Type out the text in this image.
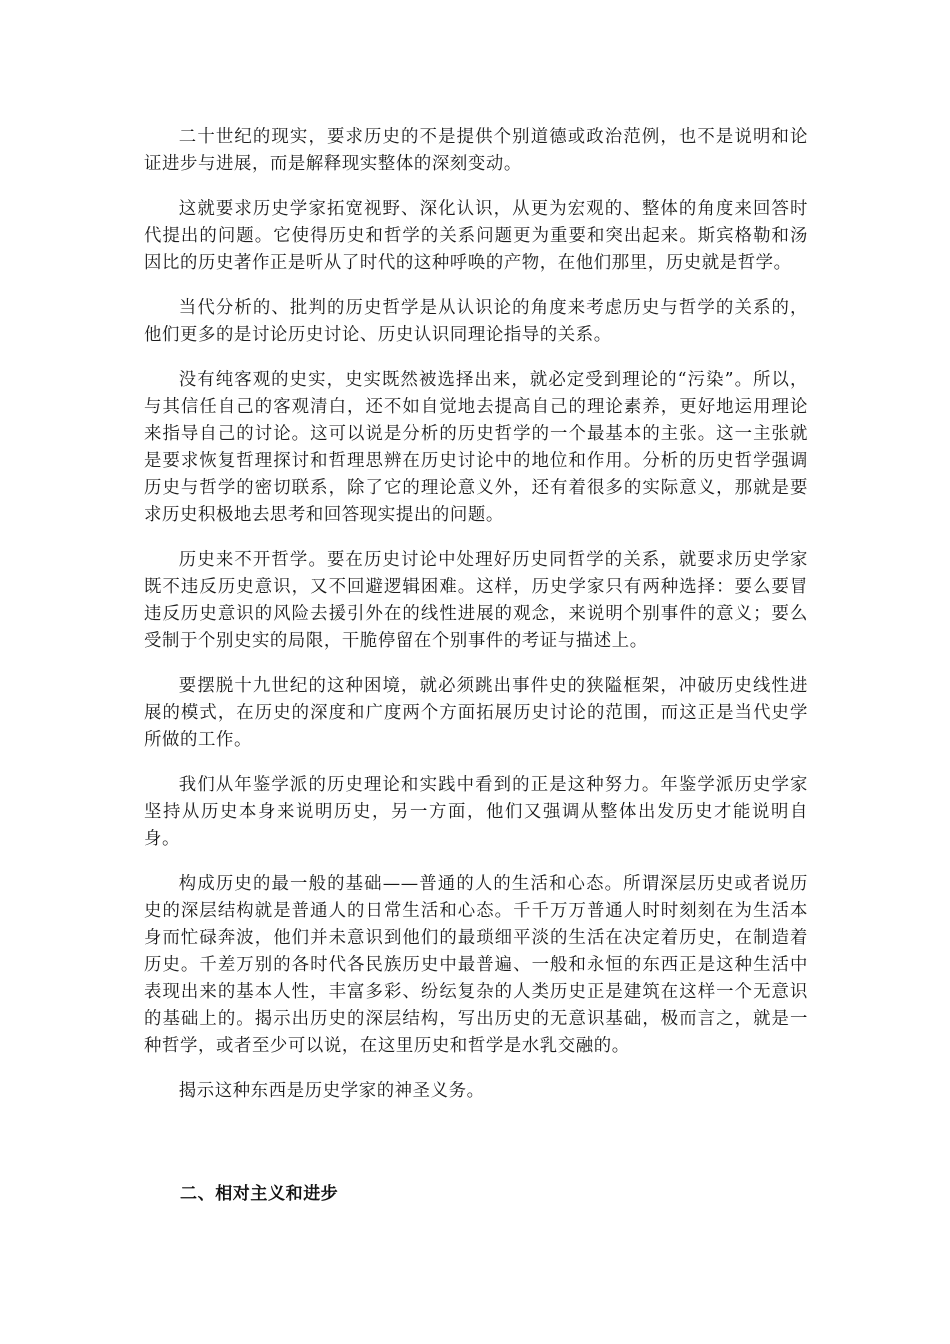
二十世纪的现实，要求历史的不是提供个别道德或政治范例，也不是说明和论证进步与进展，而是解释现实整体的深刻变动。

这就要求历史学家拓宽视野、深化认识，从更为宏观的、整体的角度来回答时代提出的问题。它使得历史和哲学的关系问题更为重要和突出起来。斯宾格勒和汤因比的历史著作正是听从了时代的这种呼唤的产物，在他们那里，历史就是哲学。

当代分析的、批判的历史哲学是从认识论的角度来考虑历史与哲学的关系的，他们更多的是讨论历史讨论、历史认识同理论指导的关系。

没有纯客观的史实，史实既然被选择出来，就必定受到理论的“污染”。所以，与其信任自己的客观清白，还不如自觉地去提高自己的理论素养，更好地运用理论来指导自己的讨论。这可以说是分析的历史哲学的一个最基本的主张。这一主张就是要求恢复哲理探讨和哲理思辨在历史讨论中的地位和作用。分析的历史哲学强调历史与哲学的密切联系，除了它的理论意义外，还有着很多的实际意义，那就是要求历史积极地去思考和回答现实提出的问题。

历史来不开哲学。要在历史讨论中处理好历史同哲学的关系，就要求历史学家既不违反历史意识，又不回避逻辑困难。这样，历史学家只有两种选择：要么要冒违反历史意识的风险去援引外在的线性进展的观念，来说明个别事件的意义；要么受制于个别史实的局限，干脆停留在个别事件的考证与描述上。

要摆脱十九世纪的这种困境，就必须跳出事件史的狭隘框架，冲破历史线性进展的模式，在历史的深度和广度两个方面拓展历史讨论的范围，而这正是当代史学所做的工作。

我们从年鉴学派的历史理论和实践中看到的正是这种努力。年鉴学派历史学家坚持从历史本身来说明历史，另一方面，他们又强调从整体出发历史才能说明自身。

构成历史的最一般的基础——普通的人的生活和心态。所谓深层历史或者说历史的深层结构就是普通人的日常生活和心态。千千万万普通人时时刻刻在为生活本身而忙碌奔波，他们并未意识到他们的最琐细平淡的生活在决定着历史，在制造着历史。千差万别的各时代各民族历史中最普遍、一般和永恒的东西正是这种生活中表现出来的基本人性，丰富多彩、纷纭复杂的人类历史正是建筑在这样一个无意识的基础上的。揭示出历史的深层结构，写出历史的无意识基础，极而言之，就是一种哲学，或者至少可以说，在这里历史和哲学是水乳交融的。

揭示这种东西是历史学家的神圣义务。

二、相对主义和进步
